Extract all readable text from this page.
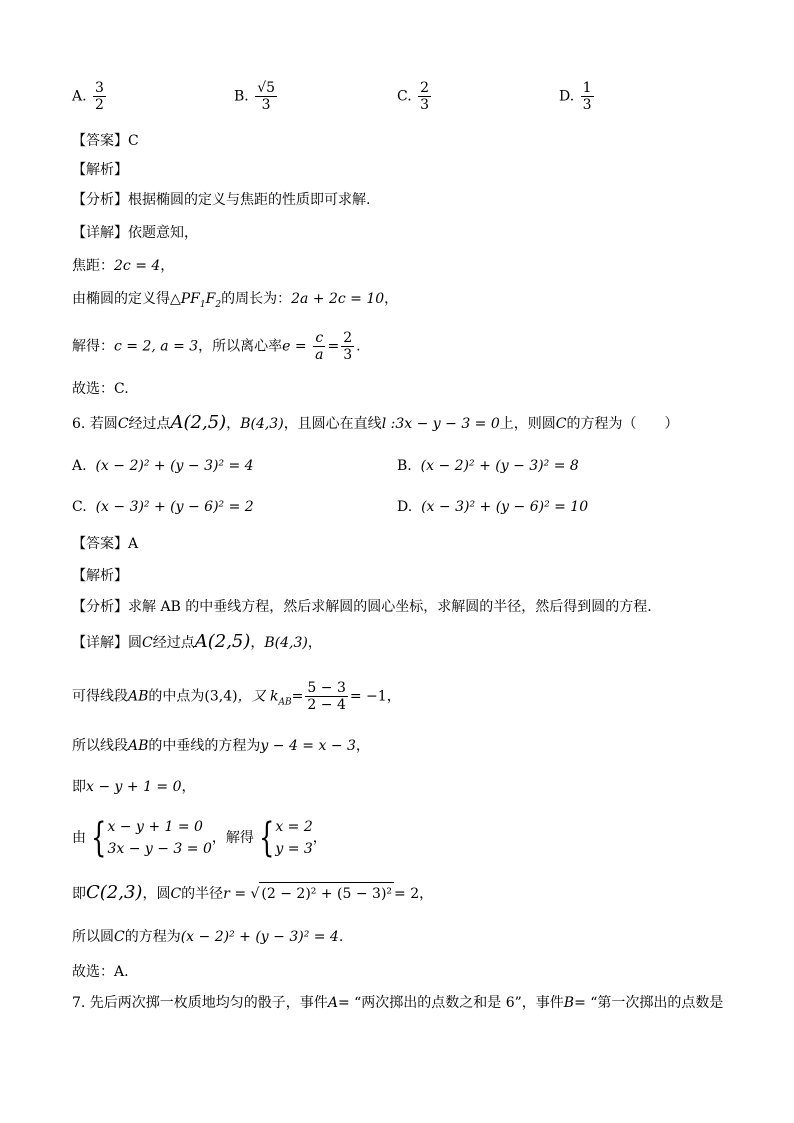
A. $\frac{3}{2}$	B. $\frac{√5}{3}$	C. $\frac{2}{3}$	D. $\frac{1}{3}$
【答案】C
【解析】
【分析】根据椭圆的定义与焦距的性质即可求解.
【详解】依题意知，
焦距：2c = 4，
由椭圆的定义得$\triangle PF_1F_2$的周长为：2a + 2c = 10，
解得：c = 2, a = 3，所以离心率$e = \frac{c}{a} = \frac{2}{3}$ .
故选：C.
6. 若圆C经过点A(2,5)，B(4,3)，且圆心在直线l :3x − y − 3 = 0上，则圆C的方程为（　　）
A. (x − 2)² + (y − 3)² = 4	B. (x − 2)² + (y − 3)² = 8
C. (x − 3)² + (y − 6)² = 2	D. (x − 3)² + (y − 6)² = 10
【答案】A
【解析】
【分析】求解 AB 的中垂线方程，然后求解圆的圆心坐标，求解圆的半径，然后得到圆的方程.
【详解】圆C经过点A(2,5)，B(4,3)，
可得线段AB的中点为(3,4)，又 $k_{AB}= \frac{5 - 3}{2 - 4} = -1$，
所以线段AB的中垂线的方程为y − 4 = x − 3，
即x − y + 1 = 0，
由 { x − y + 1 = 0
3x − y − 3 = 0
，解得 { x = 2
y = 3
，
即C(2,3)，圆C的半径r = √ (2 − 2)² + (5 − 3)² = 2，
所以圆C的方程为(x − 2)² + (y − 3)² = 4.
故选：A.
7. 先后两次掷一枚质地均匀的骰子，事件A= “两次掷出的点数之和是 6”，事件B= “第一次掷出的点数是
